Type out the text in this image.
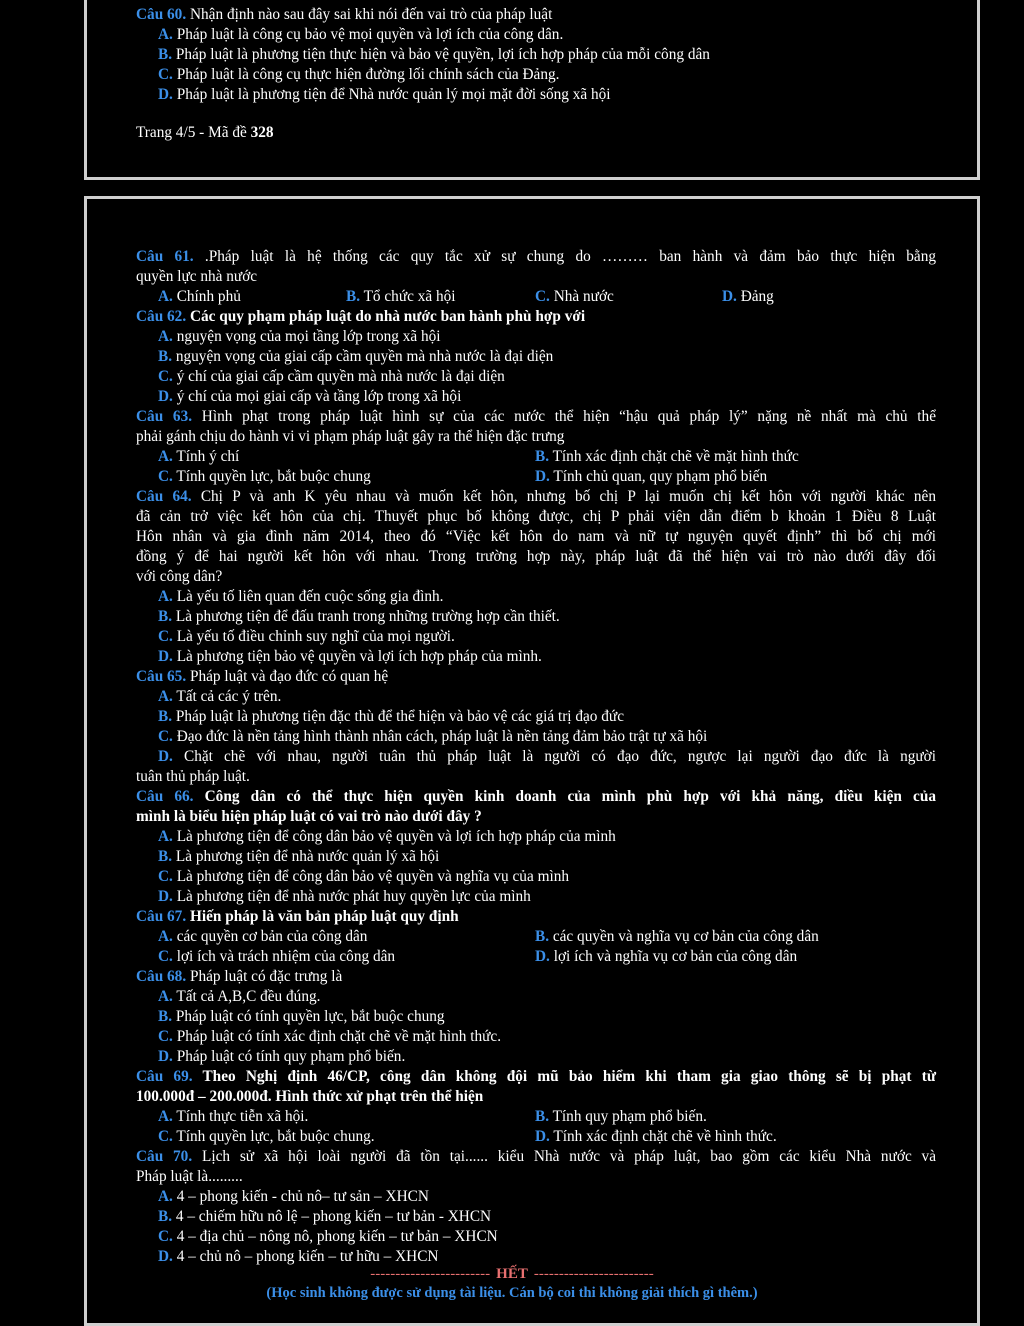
Câu 60. Nhận định nào sau đây sai khi nói đến vai trò của pháp luật
A. Pháp luật là công cụ bảo vệ mọi quyền và lợi ích của công dân.
B. Pháp luật là phương tiện thực hiện và bảo vệ quyền, lợi ích hợp pháp của mỗi công dân
C. Pháp luật là công cụ thực hiện đường lối chính sách của Đảng.
D. Pháp luật là phương tiện để Nhà nước quản lý mọi mặt đời sống xã hội
Trang 4/5 - Mã đề 328
Câu 61. .Pháp luật là hệ thống các quy tắc xử sự chung do ……… ban hành và đảm bảo thực hiện bằng
quyền lực nhà nước
A. Chính phủ	B. Tổ chức xã hội	C. Nhà nước	D. Đảng
Câu 62. Các quy phạm pháp luật do nhà nước ban hành phù hợp với
A. nguyện vọng của mọi tầng lớp trong xã hội
B. nguyện vọng của giai cấp cầm quyền mà nhà nước là đại diện
C. ý chí của giai cấp cầm quyền mà nhà nước là đại diện
D. ý chí của mọi giai cấp và tầng lớp trong xã hội
Câu 63. Hình phạt trong pháp luật hình sự của các nước thể hiện “hậu quả pháp lý” nặng nề nhất mà chủ thể
phải gánh chịu do hành vi vi phạm pháp luật gây ra thể hiện đặc trưng
A. Tính ý chí	B. Tính xác định chặt chẽ về mặt hình thức
C. Tính quyền lực, bắt buộc chung	D. Tính chủ quan, quy phạm phổ biến
Câu 64. Chị P và anh K yêu nhau và muốn kết hôn, nhưng bố chị P lại muốn chị kết hôn với người khác nên
đã cản trở việc kết hôn của chị. Thuyết phục bố không được, chị P phải viện dẫn điểm b khoản 1 Điều 8 Luật
Hôn nhân và gia đình năm 2014, theo đó “Việc kết hôn do nam và nữ tự nguyện quyết định” thì bố chị mới
đồng ý để hai người kết hôn với nhau. Trong trường hợp này, pháp luật đã thể hiện vai trò nào dưới đây đối
với công dân?
A. Là yếu tố liên quan đến cuộc sống gia đình.
B. Là phương tiện để đấu tranh trong những trường hợp cần thiết.
C. Là yếu tố điều chỉnh suy nghĩ của mọi người.
D. Là phương tiện bảo vệ quyền và lợi ích hợp pháp của mình.
Câu 65. Pháp luật và đạo đức có quan hệ
A. Tất cả các ý trên.
B. Pháp luật là phương tiện đặc thù để thể hiện và bảo vệ các giá trị đạo đức
C. Đạo đức là nền tảng hình thành nhân cách, pháp luật là nền tảng đảm bảo trật tự xã hội
D. Chặt chẽ với nhau, người tuân thủ pháp luật là người có đạo đức, ngược lại người đạo đức là người
tuân thủ pháp luật.
Câu 66. Công dân có thể thực hiện quyền kinh doanh của mình phù hợp với khả năng, điều kiện của
mình là biểu hiện pháp luật có vai trò nào dưới đây ?
A. Là phương tiện để công dân bảo vệ quyền và lợi ích hợp pháp của mình
B. Là phương tiện để nhà nước quản lý xã hội
C. Là phương tiện để công dân bảo vệ quyền và nghĩa vụ của mình
D. Là phương tiện để nhà nước phát huy quyền lực của mình
Câu 67. Hiến pháp là văn bản pháp luật quy định
A. các quyền cơ bản của công dân	B. các quyền và nghĩa vụ cơ bản của công dân
C. lợi ích và trách nhiệm của công dân	D. lợi ích và nghĩa vụ cơ bản của công dân
Câu 68. Pháp luật có đặc trưng là
A. Tất cả A,B,C đều đúng.
B. Pháp luật có tính quyền lực, bắt buộc chung
C. Pháp luật có tính xác định chặt chẽ về mặt hình thức.
D. Pháp luật có tính quy phạm phổ biến.
Câu 69. Theo Nghị định 46/CP, công dân không đội mũ bảo hiểm khi tham gia giao thông sẽ bị phạt từ
100.000đ – 200.000đ. Hình thức xử phạt trên thể hiện
A. Tính thực tiễn xã hội.	B. Tính quy phạm phổ biến.
C. Tính quyền lực, bắt buộc chung.	D. Tính xác định chặt chẽ về hình thức.
Câu 70. Lịch sử xã hội loài người đã tồn tại...... kiểu Nhà nước và pháp luật, bao gồm các kiểu Nhà nước và
Pháp luật là.........
A. 4 – phong kiến - chủ nô– tư sản – XHCN
B. 4 – chiếm hữu nô lệ – phong kiến – tư bản - XHCN
C. 4 – địa chủ – nông nô, phong kiến – tư bản – XHCN
D. 4 – chủ nô – phong kiến – tư hữu – XHCN
------------------------ HẾT ------------------------
(Học sinh không được sử dụng tài liệu. Cán bộ coi thi không giải thích gì thêm.)
